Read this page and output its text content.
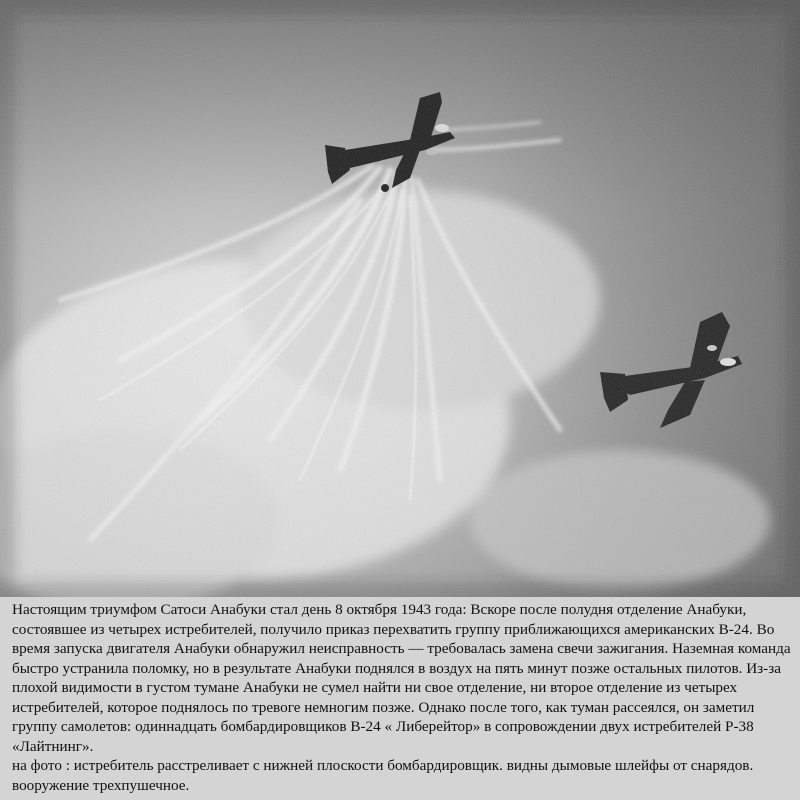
Настоящим триумфом Сатоси Анабуки стал день 8 октября 1943 года: Вскоре после полудня отделение Анабуки, состоявшее из четырех истребителей, получило приказ перехватить группу приближающихся американских B-24. Во время запуска двигателя Анабуки обнаружил неисправность — требовалась замена свечи зажигания. Наземная команда быстро устранила поломку, но в результате Анабуки поднялся в воздух на пять минут позже остальных пилотов. Из-за плохой видимости в густом тумане Анабуки не сумел найти ни свое отделение, ни второе отделение из четырех истребителей, которое поднялось по тревоге немногим позже. Однако после того, как туман рассеялся, он заметил группу самолетов: одиннадцать бомбардировщиков B-24 « Либерейтор» в сопровождении двух истребителей P-38 «Лайтнинг».

на фото : истребитель расстреливает с нижней плоскости бомбардировщик. видны дымовые шлейфы от снарядов. вооружение трехпушечное.
